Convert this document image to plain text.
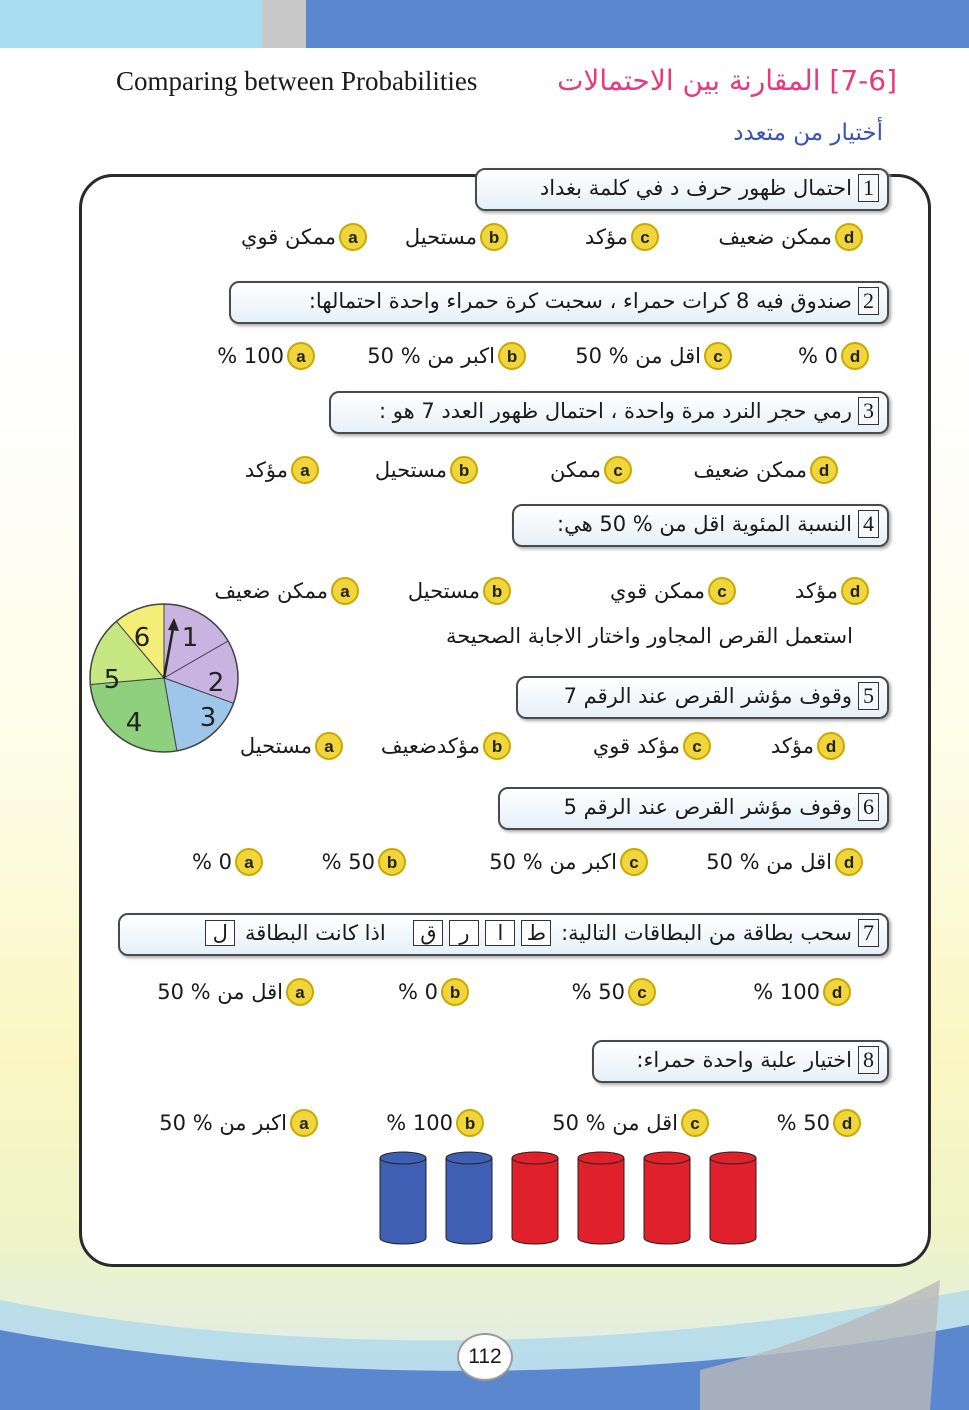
Comparing between Probabilities	[7-6] المقارنة بين الاحتمالات
أختيار من متعدد
1احتمال ظهور حرف د في كلمة بغداد
d
ممكن ضعيف
c
مؤكد
b
مستحيل
a
ممكن قوي
2صندوق فيه 8 كرات حمراء ، سحبت كرة حمراء واحدة احتمالها:
d
0 %
c
اقل من % 50
b
اكبر من % 50
a
100 %
3رمي حجر النرد مرة واحدة ، احتمال ظهور العدد 7 هو :
d
ممكن ضعيف
c
ممكن
b
مستحيل
a
مؤكد
4النسبة المئوية اقل من % 50 هي:
d
مؤكد
c
ممكن قوي
b
مستحيل
a
ممكن ضعيف
استعمل القرص المجاور واختار الاجابة الصحيحة
1
2
3
4
5
6
5وقوف مؤشر القرص عند الرقم 7
d
مؤكد
c
مؤكد قوي
b
مؤكدضعيف
a
مستحيل
6وقوف مؤشر القرص عند الرقم 5
d
اقل من % 50
c
اكبر من % 50
b
50 %
a
0 %
7سحب بطاقة من البطاقات التالية: طارق اذا كانت البطاقة ل
d
100 %
c
50 %
b
0 %
a
اقل من % 50
8اختيار علبة واحدة حمراء:
d
50 %
c
اقل من % 50
b
100 %
a
اكبر من % 50
112
